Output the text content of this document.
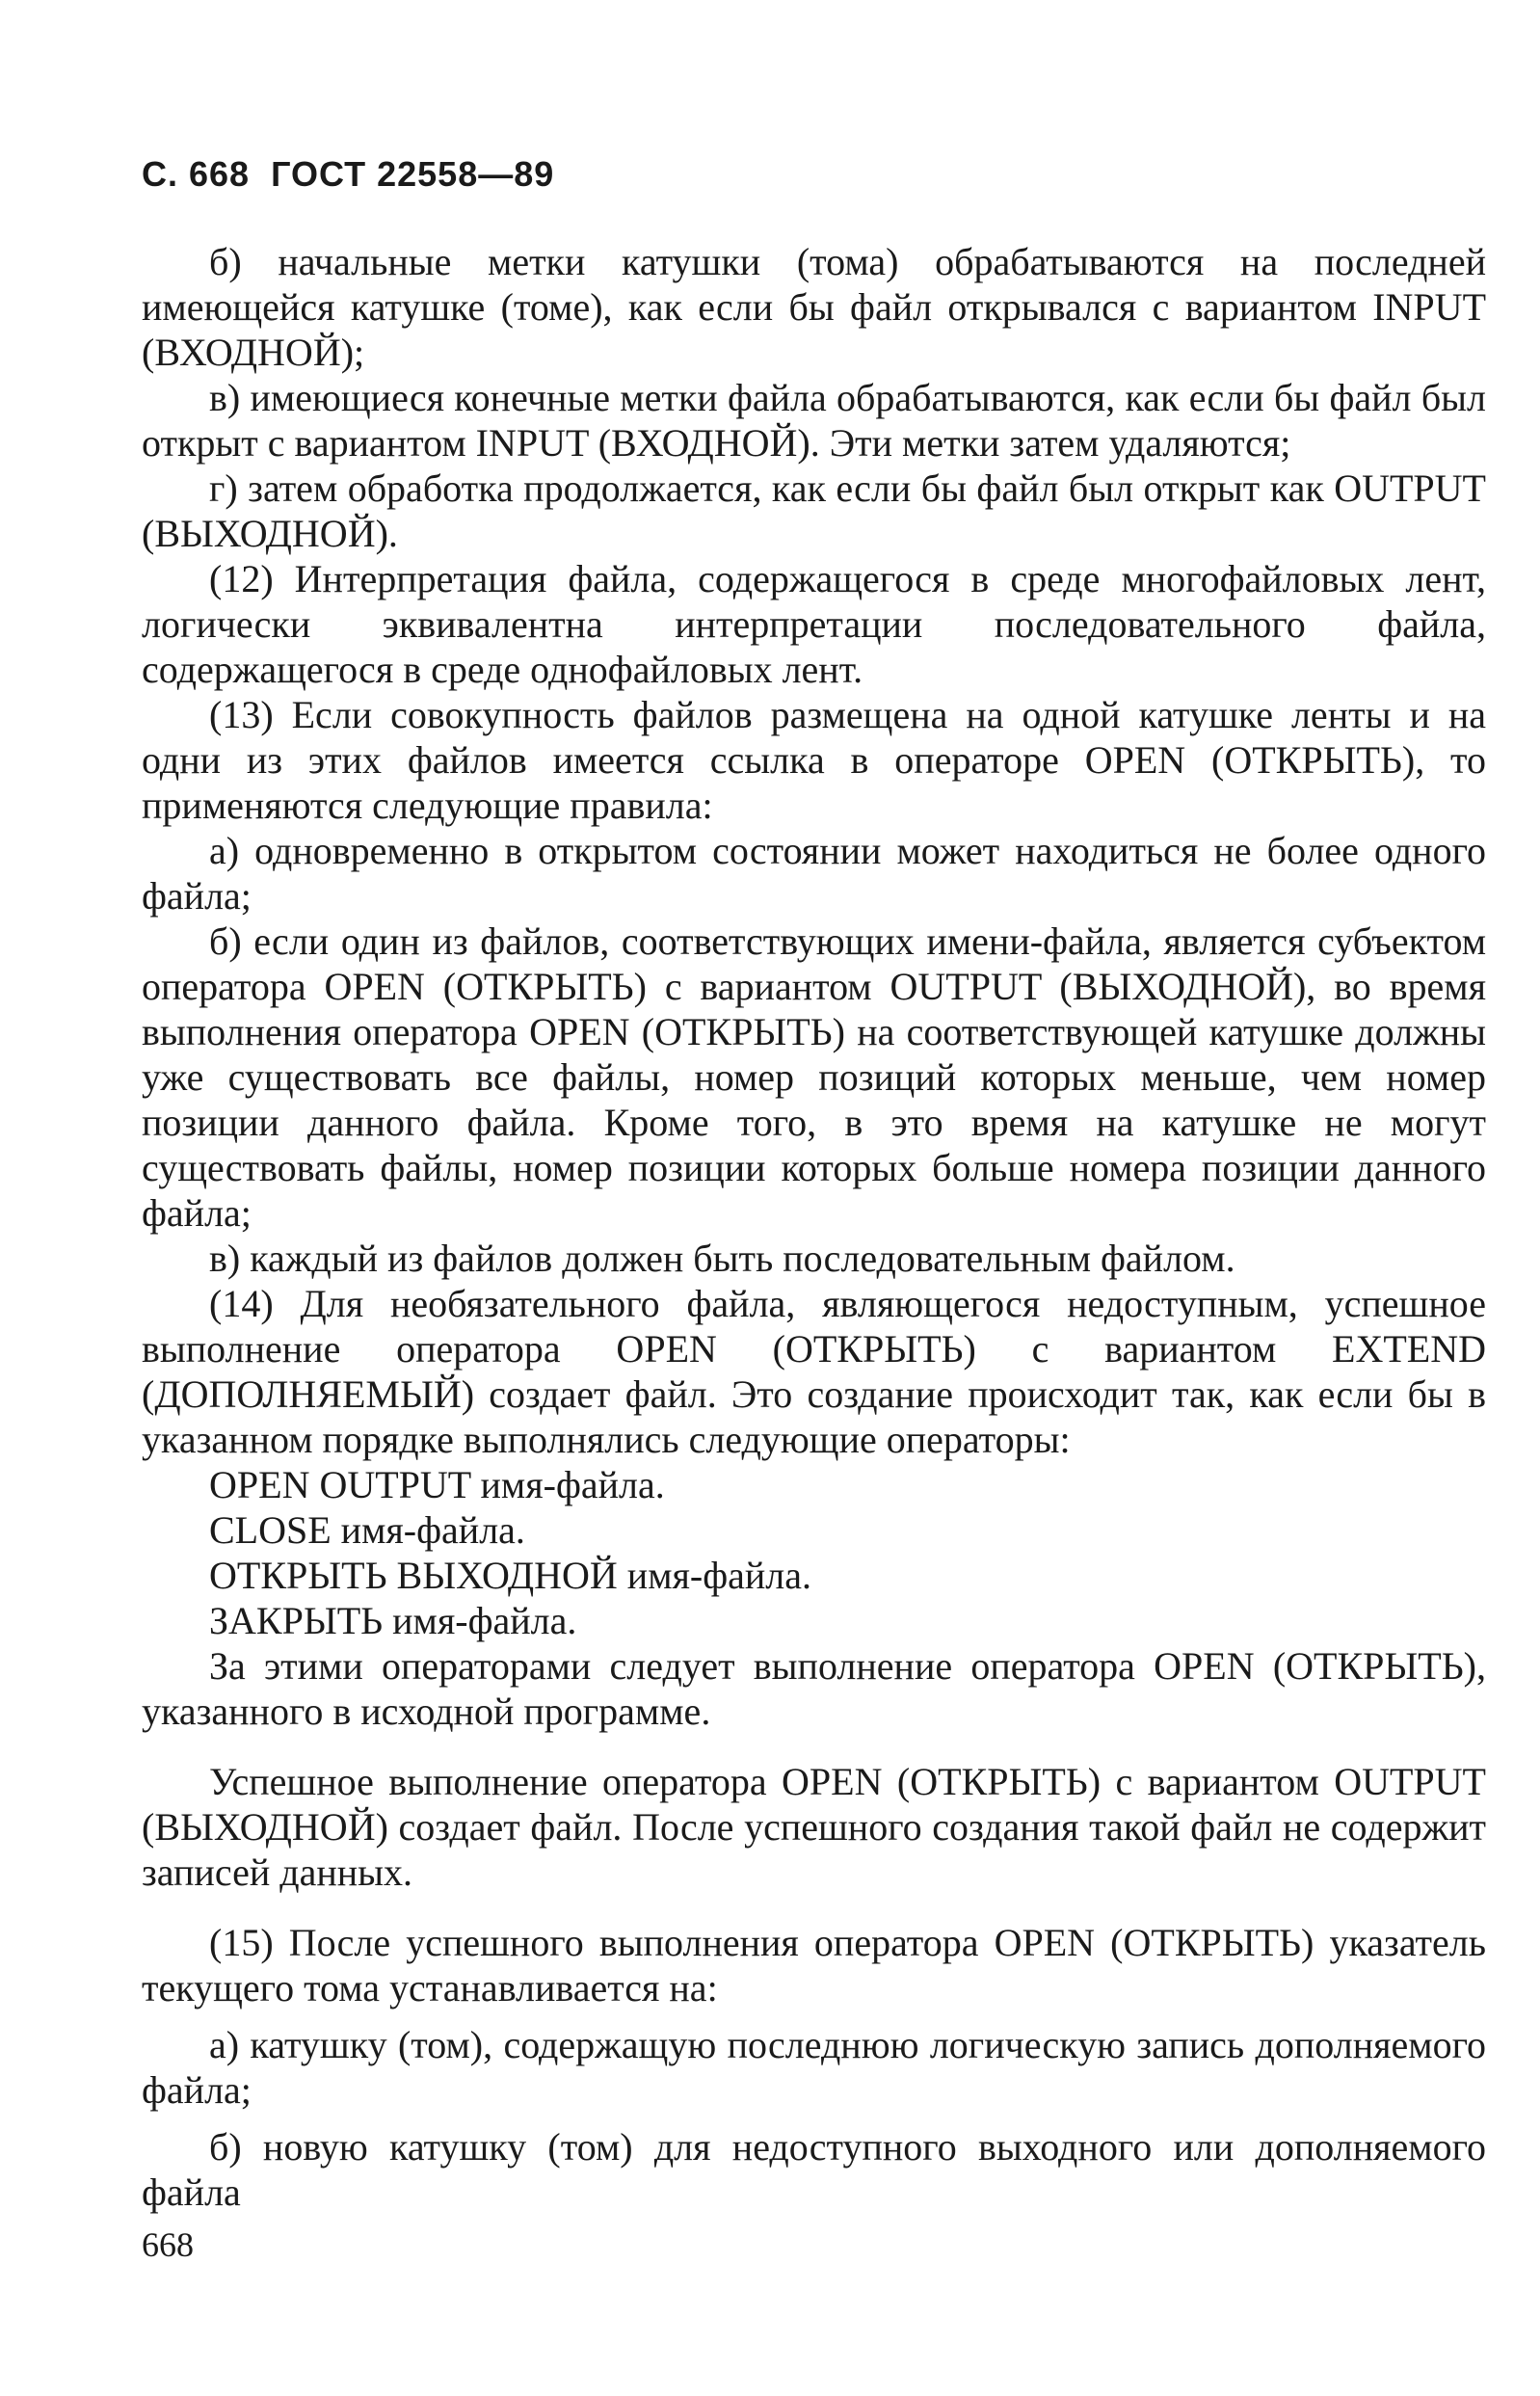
С. 668 ГОСТ 22558—89

б) начальные метки катушки (тома) обрабатываются на последней имеющейся катушке (томе), как если бы файл открывался с вариантом INPUT (ВХОДНОЙ);

в) имеющиеся конечные метки файла обрабатываются, как если бы файл был открыт с вариантом INPUT (ВХОДНОЙ). Эти метки затем удаляются;

г) затем обработка продолжается, как если бы файл был открыт как OUTPUT (ВЫХОДНОЙ).

(12) Интерпретация файла, содержащегося в среде многофайловых лент, логически эквивалентна интерпретации последовательного файла, содержащегося в среде однофайловых лент.

(13) Если совокупность файлов размещена на одной катушке ленты и на одни из этих файлов имеется ссылка в операторе OPEN (ОТКРЫТЬ), то применяются следующие правила:

а) одновременно в открытом состоянии может находиться не более одного файла;

б) если один из файлов, соответствующих имени-файла, является субъектом оператора OPEN (ОТКРЫТЬ) с вариантом OUTPUT (ВЫХОДНОЙ), во время выполнения оператора OPEN (ОТКРЫТЬ) на соответствующей катушке должны уже существовать все файлы, номер позиций которых меньше, чем номер позиции данного файла. Кроме того, в это время на катушке не могут существовать файлы, номер позиции которых больше номера позиции данного файла;

в) каждый из файлов должен быть последовательным файлом.

(14) Для необязательного файла, являющегося недоступным, успешное выполнение оператора OPEN (ОТКРЫТЬ) с вариантом EXTEND (ДОПОЛНЯЕМЫЙ) создает файл. Это создание происходит так, как если бы в указанном порядке выполнялись следующие операторы:

OPEN OUTPUT имя-файла.

CLOSE имя-файла.

ОТКРЫТЬ ВЫХОДНОЙ имя-файла.

ЗАКРЫТЬ имя-файла.

За этими операторами следует выполнение оператора OPEN (ОТКРЫТЬ), указанного в исходной программе.

Успешное выполнение оператора OPEN (ОТКРЫТЬ) с вариантом OUTPUT (ВЫХОДНОЙ) создает файл. После успешного создания такой файл не содержит записей данных.

(15) После успешного выполнения оператора OPEN (ОТКРЫТЬ) указатель текущего тома устанавливается на:

а) катушку (том), содержащую последнюю логическую запись дополняемого файла;

б) новую катушку (том) для недоступного выходного или дополняемого файла

668
